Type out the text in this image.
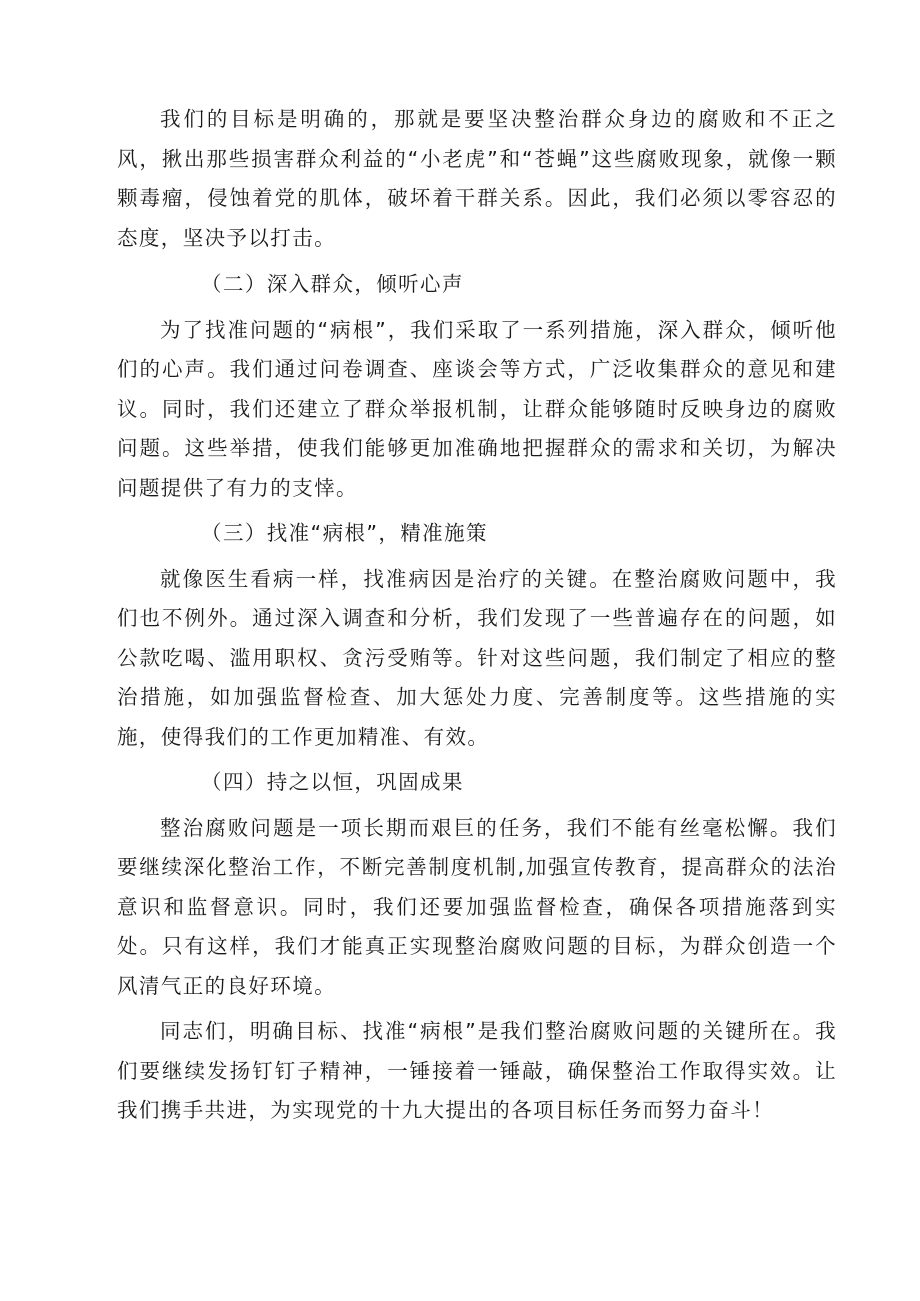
我们的目标是明确的，那就是要坚决整治群众身边的腐败和不正之风，揪出那些损害群众利益的“小老虎”和“苍蝇”这些腐败现象，就像一颗颗毒瘤，侵蚀着党的肌体，破坏着干群关系。因此，我们必须以零容忍的态度，坚决予以打击。

（二）深入群众，倾听心声

为了找准问题的“病根”，我们采取了一系列措施，深入群众，倾听他们的心声。我们通过问卷调查、座谈会等方式，广泛收集群众的意见和建议。同时，我们还建立了群众举报机制，让群众能够随时反映身边的腐败问题。这些举措，使我们能够更加准确地把握群众的需求和关切，为解决问题提供了有力的支悻。

（三）找准“病根”，精准施策

就像医生看病一样，找准病因是治疗的关键。在整治腐败问题中，我们也不例外。通过深入调查和分析，我们发现了一些普遍存在的问题，如公款吃喝、滥用职权、贪污受贿等。针对这些问题，我们制定了相应的整治措施，如加强监督检查、加大惩处力度、完善制度等。这些措施的实施，使得我们的工作更加精准、有效。

（四）持之以恒，巩固成果

整治腐败问题是一项长期而艰巨的任务，我们不能有丝毫松懈。我们要继续深化整治工作，不断完善制度机制,加强宣传教育，提高群众的法治意识和监督意识。同时，我们还要加强监督检查，确保各项措施落到实处。只有这样，我们才能真正实现整治腐败问题的目标，为群众创造一个风清气正的良好环境。

同志们，明确目标、找准“病根”是我们整治腐败问题的关键所在。我们要继续发扬钉钉子精神，一锤接着一锤敲，确保整治工作取得实效。让我们携手共进，为实现党的十九大提出的各项目标任务而努力奋斗！
